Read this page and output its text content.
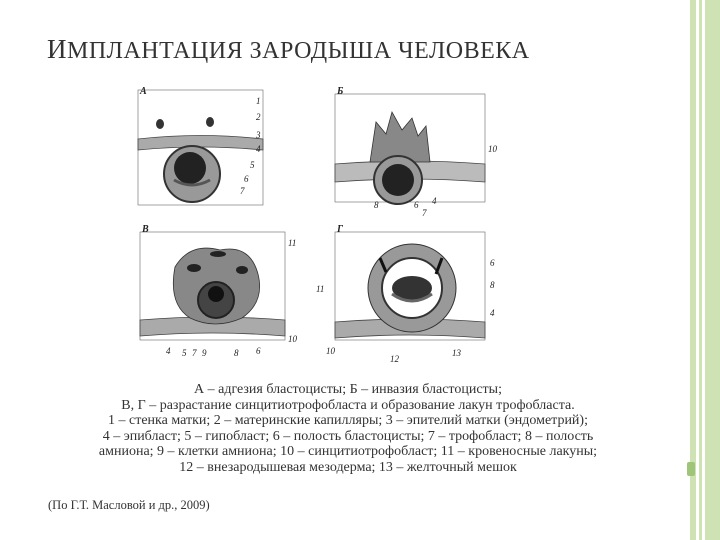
ИМПЛАНТАЦИЯ ЗАРОДЫША ЧЕЛОВЕКА
А
1
2
3
4
5
6
7
Б
10
8	6
7
4
В
11
4 5 7 9	8 6
10
Г
6
8
11
4
10
12
13
А – адгезия бластоцисты; Б – инвазия бластоцисты;
В, Г – разрастание синцитиотрофобласта и образование лакун трофобласта.
1 – стенка матки; 2 – материнские капилляры; 3 – эпителий матки (эндометрий);
4 – эпибласт; 5 – гипобласт; 6 – полость бластоцисты; 7 – трофобласт; 8 – полость
амниона; 9 – клетки амниона; 10 – синцитиотрофобласт; 11 – кровеносные лакуны;
12 – внезародышевая мезодерма; 13 – желточный мешок
(По Г.Т. Масловой и др., 2009)
